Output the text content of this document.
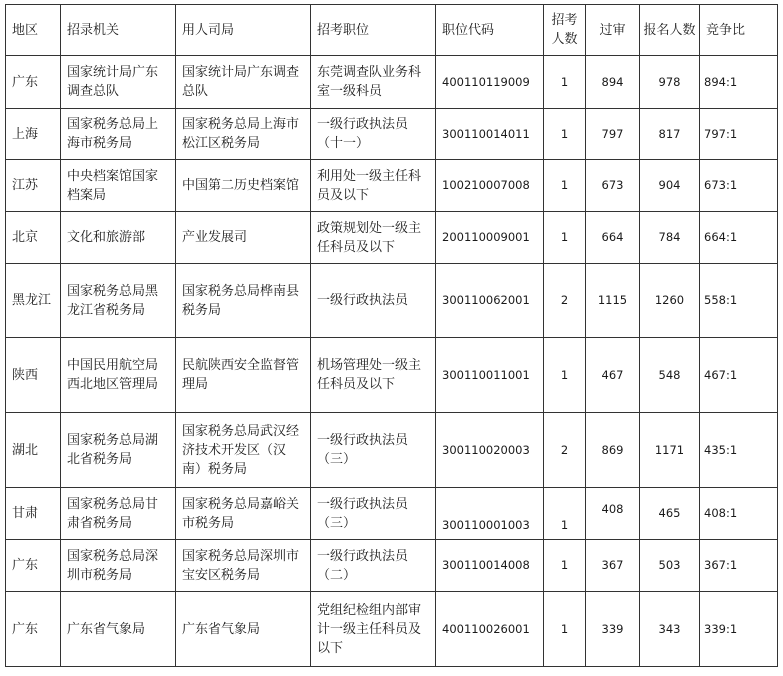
地区	招录机关	用人司局	招考职位	职位代码	招考人数	过审	报名人数	竞争比
广东	国家统计局广东调查总队	国家统计局广东调查总队	东莞调查队业务科室一级科员	400110119009	1	894	978	894:1
上海	国家税务总局上海市税务局	国家税务总局上海市松江区税务局	一级行政执法员（十一）	300110014011	1	797	817	797:1
江苏	中央档案馆国家档案局	中国第二历史档案馆	利用处一级主任科员及以下	100210007008	1	673	904	673:1
北京	文化和旅游部	产业发展司	政策规划处一级主任科员及以下	200110009001	1	664	784	664:1
黑龙江	国家税务总局黑龙江省税务局	国家税务总局桦南县税务局	一级行政执法员	300110062001	2	1115	1260	558:1
陕西	中国民用航空局西北地区管理局	民航陕西安全监督管理局	机场管理处一级主任科员及以下	300110011001	1	467	548	467:1
湖北	国家税务总局湖北省税务局	国家税务总局武汉经济技术开发区（汉南）税务局	一级行政执法员（三）	300110020003	2	869	1171	435:1
甘肃	国家税务总局甘肃省税务局	国家税务总局嘉峪关市税务局	一级行政执法员（三）	300110001003	1	408	465	408:1
广东	国家税务总局深圳市税务局	国家税务总局深圳市宝安区税务局	一级行政执法员（二）	300110014008	1	367	503	367:1
广东	广东省气象局	广东省气象局	党组纪检组内部审计一级主任科员及以下	400110026001	1	339	343	339:1
